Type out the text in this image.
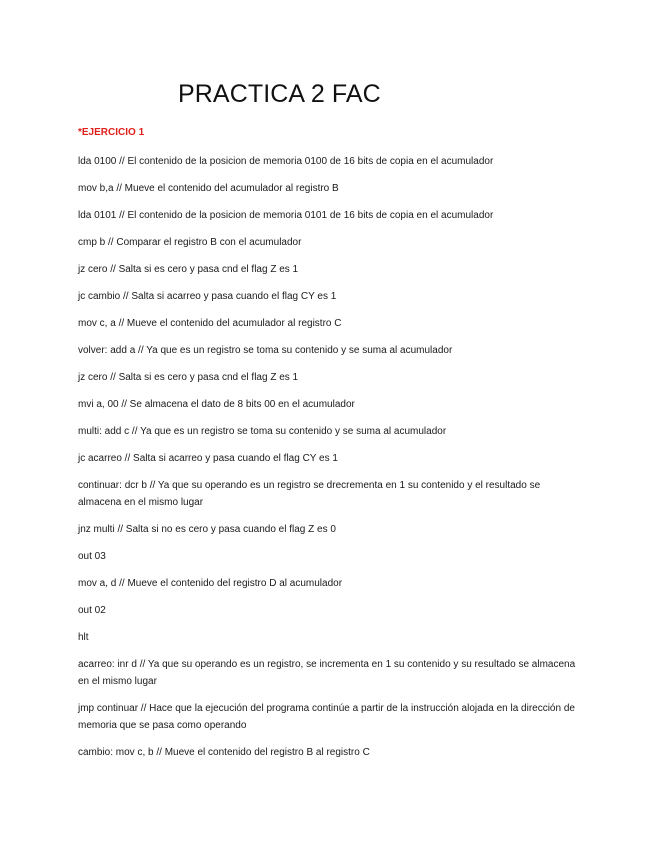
PRACTICA 2 FAC
*EJERCICIO 1
lda 0100 // El contenido de la posicion de memoria 0100 de 16 bits de copia en el acumulador
mov b,a // Mueve el contenido del acumulador al registro B
lda 0101 // El contenido de la posicion de memoria 0101 de 16 bits de copia en el acumulador
cmp b // Comparar el registro B con el acumulador
jz cero // Salta si es cero y pasa cnd el flag Z es 1
jc cambio // Salta si acarreo y pasa cuando el flag CY es 1
mov c, a // Mueve el contenido del acumulador al registro C
volver: add a // Ya que es un registro se toma su contenido y se suma al acumulador
jz cero // Salta si es cero y pasa cnd el flag Z es 1
mvi a, 00 // Se almacena el dato de 8 bits 00 en el acumulador
multi: add c // Ya que es un registro se toma su contenido y se suma al acumulador
jc acarreo // Salta si acarreo y pasa cuando el flag CY es 1
continuar: dcr b // Ya que su operando es un registro se drecrementa en 1 su contenido y el resultado se almacena en el mismo lugar
jnz multi // Salta si no es cero y pasa cuando el flag Z es 0
out 03
mov a, d // Mueve el contenido del registro D al acumulador
out 02
hlt
acarreo: inr d // Ya que su operando es un registro, se incrementa en 1 su contenido y su resultado se almacena en el mismo lugar
jmp continuar // Hace que la ejecución del programa continúe a partir de la instrucción alojada en la dirección de memoria que se pasa como operando
cambio: mov c, b // Mueve el contenido del registro B al registro C
